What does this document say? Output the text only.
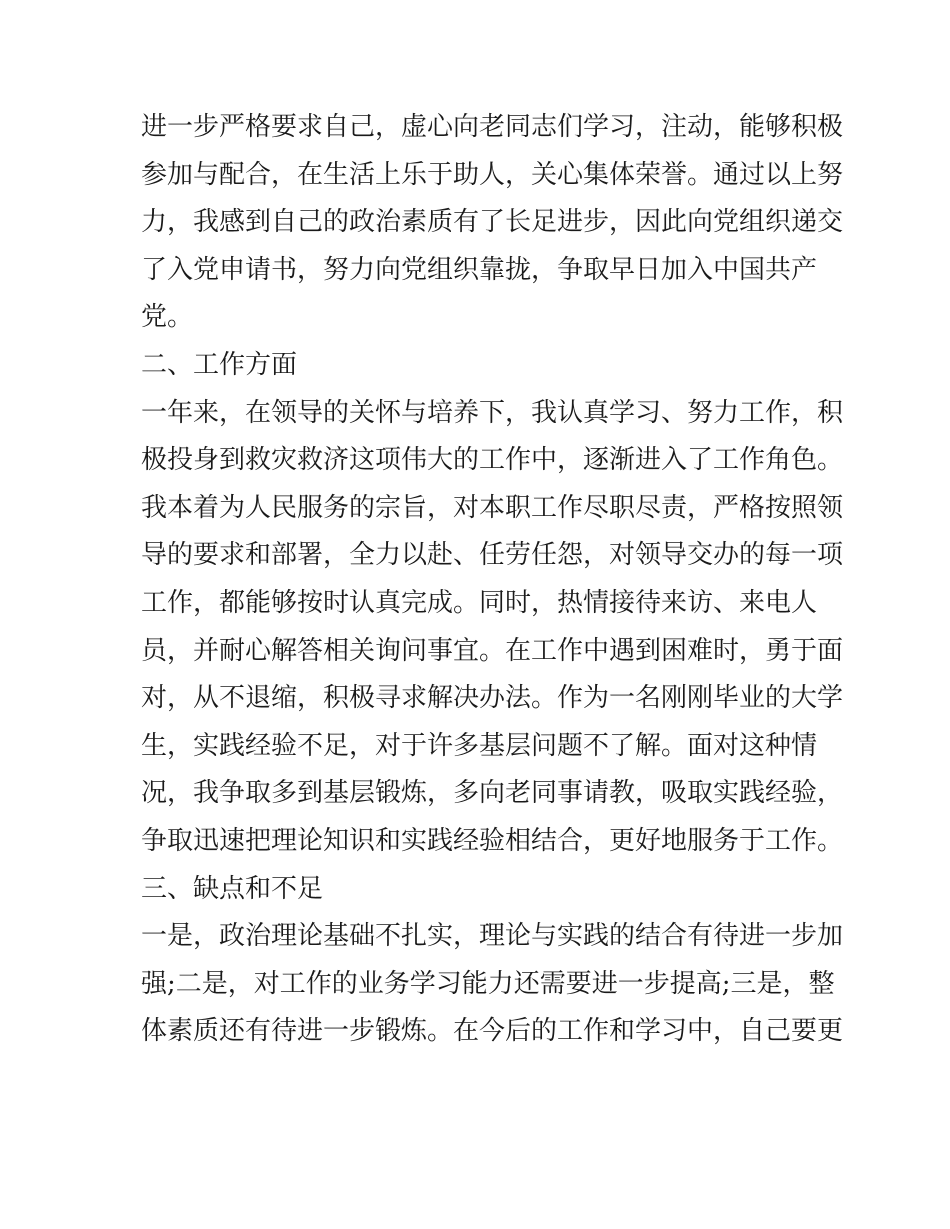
进一步严格要求自己，虚心向老同志们学习，注动，能够积极
参加与配合，在生活上乐于助人，关心集体荣誉。通过以上努
力，我感到自己的政治素质有了长足进步，因此向党组织递交
了入党申请书，努力向党组织靠拢，争取早日加入中国共产
党。
二、工作方面
一年来，在领导的关怀与培养下，我认真学习、努力工作，积
极投身到救灾救济这项伟大的工作中，逐渐进入了工作角色。
我本着为人民服务的宗旨，对本职工作尽职尽责，严格按照领
导的要求和部署，全力以赴、任劳任怨，对领导交办的每一项
工作，都能够按时认真完成。同时，热情接待来访、来电人
员，并耐心解答相关询问事宜。在工作中遇到困难时，勇于面
对，从不退缩，积极寻求解决办法。作为一名刚刚毕业的大学
生，实践经验不足，对于许多基层问题不了解。面对这种情
况，我争取多到基层锻炼，多向老同事请教，吸取实践经验，
争取迅速把理论知识和实践经验相结合，更好地服务于工作。
三、缺点和不足
一是，政治理论基础不扎实，理论与实践的结合有待进一步加
强;二是，对工作的业务学习能力还需要进一步提高;三是，整
体素质还有待进一步锻炼。在今后的工作和学习中，自己要更
